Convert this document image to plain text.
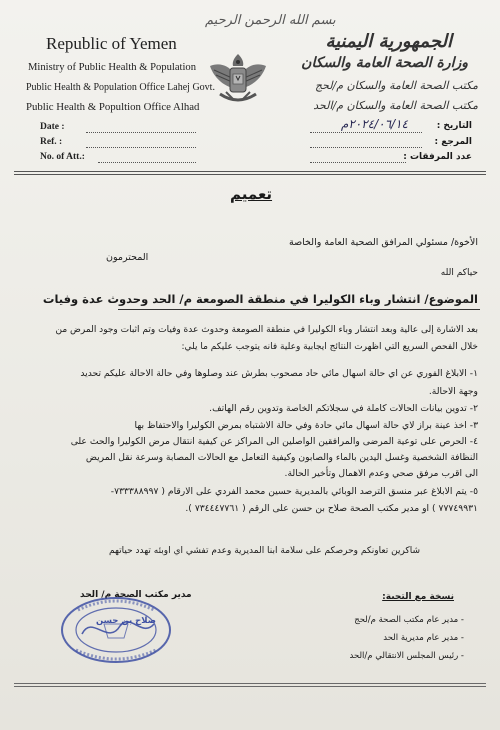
بسم الله الرحمن الرحيم
Republic of Yemen
Ministry of Public Health & Population
Public Health & Population Office Lahej Govt.
Public Health & Popultion Office Alhad
Date :
Ref. :
No. of Att.:
الجمهورية اليمنية
وزارة الصحة العامة والسكان
مكتب الصحة العامة والسكان م/لحج
مكتب الصحة العامة والسكان م/الحد
التاريخ :
٢٠٢٤/٠٦/١٤م
المرجع :
عدد المرفقات :
تعميم
الأخوة/ مسئولي المرافق الصحية العامة والخاصة
المحترمون
حياكم الله
الموضوع/ انتشار وباء الكوليرا في منطقة الصومعة م/ الحد وحدوث عدة وفيات
بعد الاشارة إلى عالية وبعد انتشار وباء الكوليرا في منطقة الصومعة وحدوث عدة وفيات وتم اثبات وجود المرض من
خلال الفحص السريع التي اظهرت النتائج ايجابية وعلية فانه يتوجب عليكم ما يلي:
١- الابلاغ الفوري عن اي حالة اسهال مائي حاد مصحوب بطرش عند وصلوها وفي حالة الاحالة عليكم تحديد
وجهة الاحالة.
٢- تدوين بيانات الحالات كاملة في سجلاتكم الخاصة وتدوين رقم الهاتف.
٣- اخذ عينة براز لاي حالة اسهال مائي حادة وفي حالة الاشتباه بمرض الكوليرا والاحتفاظ بها
٤- الحرص على توعية المرضى والمرافقين الواصلين الى المراكز عن كيفية انتقال مرض الكوليرا والحث على
النظافة الشخصية وغسل اليدين بالماء والصابون وكيفية التعامل مع الحالات المصابة وسرعة نقل المريض
الى اقرب مرفق صحي وعدم الاهمال وتأخير الحالة.
٥- يتم الابلاغ عبر منسق الترصد الوبائي بالمديرية حسين محمد الفردي على الارقام ( ٧٣٣٣٨٨٩٩٧-
٧٧٧٤٩٩٣١ ) او مدير مكتب الصحة صلاح بن حسن على الرقم ( ٧٣٤٤٤٧٧٦١ ).
شاكرين تعاونكم وحرصكم على سلامة ابنا المديرية وعدم تفشي اي اوبئه تهدد حياتهم
مدير مكتب الصحة م/ الحد
صلاح بن حسن
نسخة مع التحية:
- مدير عام مكتب الصحة م/لحج
- مدير عام مديرية الحد
- رئيس المجلس الانتقالي م/الحد
